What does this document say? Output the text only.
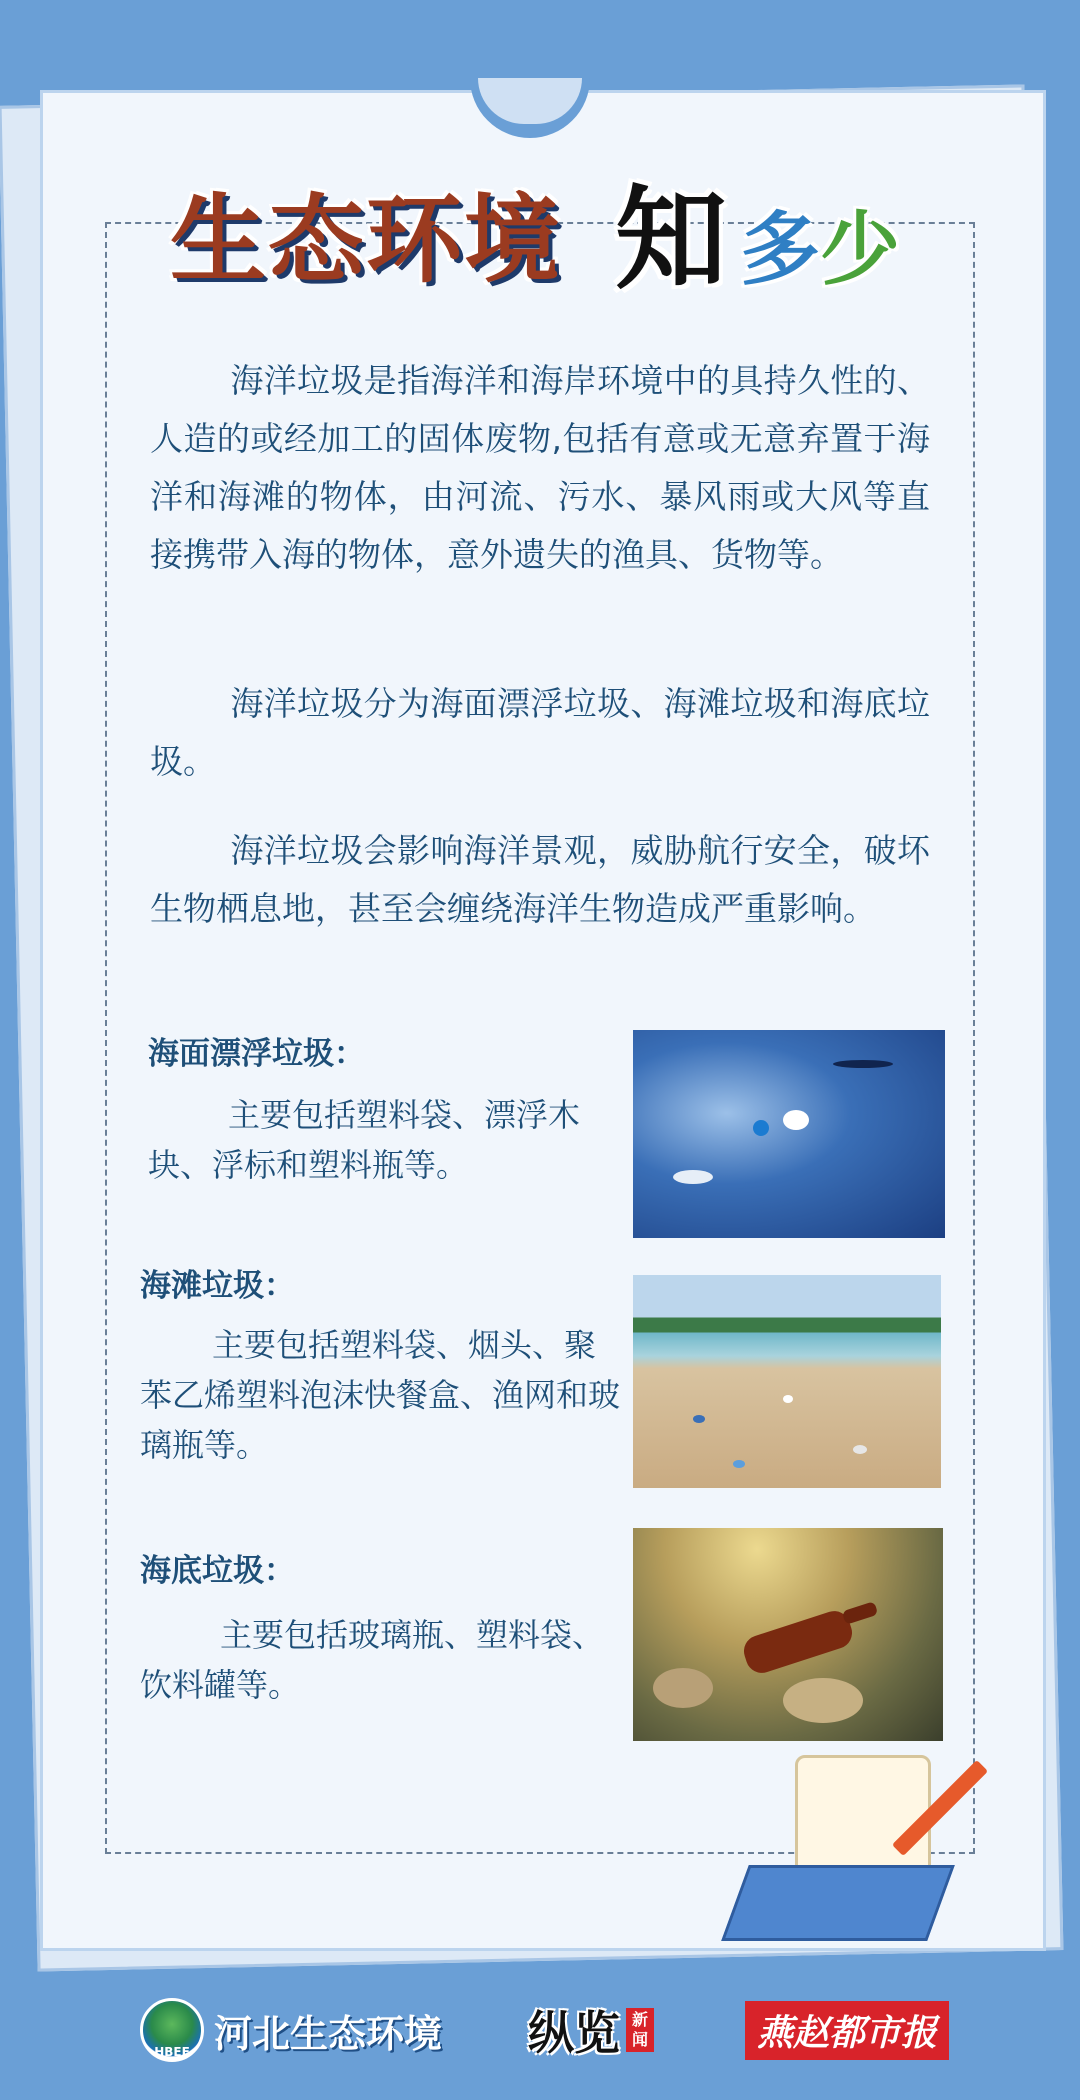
生态环境 知 多 少

海洋垃圾是指海洋和海岸环境中的具持久性的、人造的或经加工的固体废物,包括有意或无意弃置于海洋和海滩的物体，由河流、污水、暴风雨或大风等直接携带入海的物体，意外遗失的渔具、货物等。

海洋垃圾分为海面漂浮垃圾、海滩垃圾和海底垃圾。

海洋垃圾会影响海洋景观，威胁航行安全，破坏生物栖息地，甚至会缠绕海洋生物造成严重影响。

海面漂浮垃圾：

主要包括塑料袋、漂浮木块、浮标和塑料瓶等。

海滩垃圾：

主要包括塑料袋、烟头、聚苯乙烯塑料泡沫快餐盒、渔网和玻璃瓶等。

海底垃圾：

主要包括玻璃瓶、塑料袋、饮料罐等。

HBEE 河北生态环境 纵览 新闻	燕赵都市报
